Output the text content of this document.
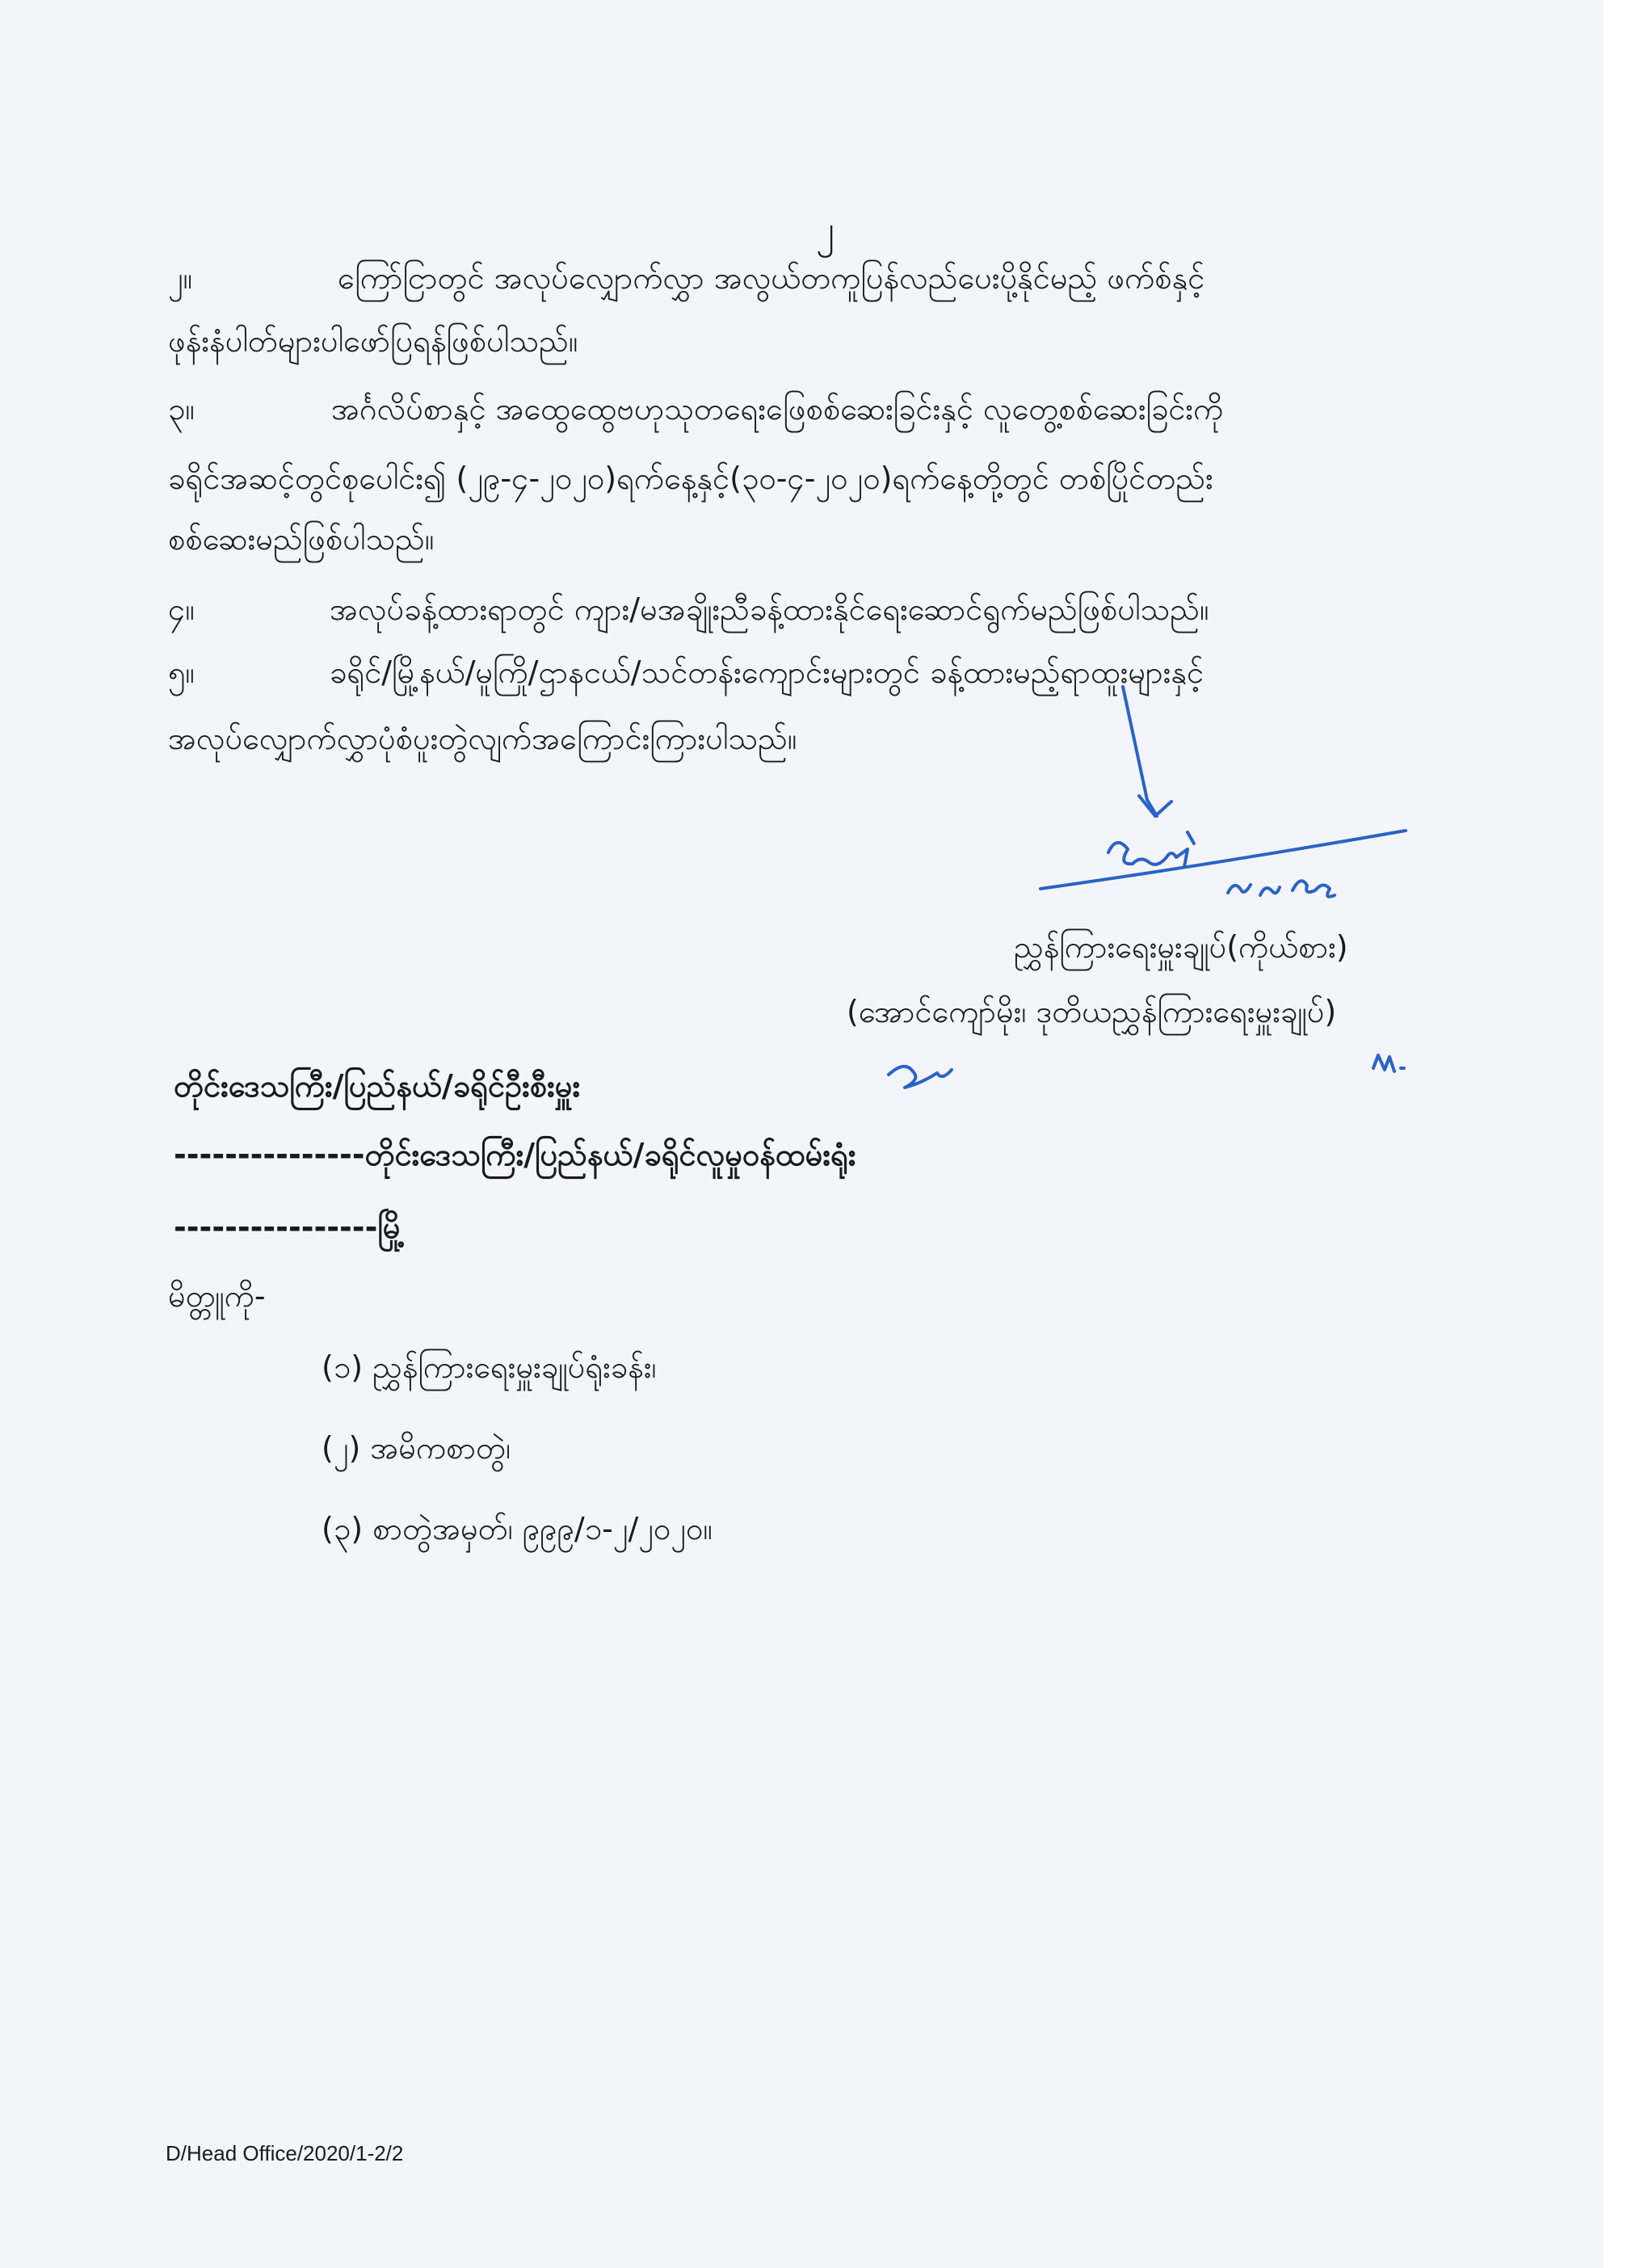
၂
၂။	ကြော်ငြာတွင် အလုပ်လျှောက်လွှာ အလွယ်တကူပြန်လည်ပေးပို့နိုင်မည့် ဖက်စ်နှင့်
ဖုန်းနံပါတ်များပါဖော်ပြရန်ဖြစ်ပါသည်။
၃။	အင်္ဂလိပ်စာနှင့် အထွေထွေဗဟုသုတရေးဖြေစစ်ဆေးခြင်းနှင့် လူတွေ့စစ်ဆေးခြင်းကို
ခရိုင်အဆင့်တွင်စုပေါင်း၍ (၂၉-၄-၂၀၂၀)ရက်နေ့နှင့်(၃၀-၄-၂၀၂၀)ရက်နေ့တို့တွင် တစ်ပြိုင်တည်း
စစ်ဆေးမည်ဖြစ်ပါသည်။
၄။	အလုပ်ခန့်ထားရာတွင် ကျား/မအချိုးညီခန့်ထားနိုင်ရေးဆောင်ရွက်မည်ဖြစ်ပါသည်။
၅။	ခရိုင်/မြို့နယ်/မူကြို/ဌာနငယ်/သင်တန်းကျောင်းများတွင် ခန့်ထားမည့်ရာထူးများနှင့်
အလုပ်လျှောက်လွှာပုံစံပူးတွဲလျက်အကြောင်းကြားပါသည်။
ညွှန်ကြားရေးမှူးချုပ်(ကိုယ်စား)
(အောင်ကျော်မိုး၊ ဒုတိယညွှန်ကြားရေးမှူးချုပ်)
တိုင်းဒေသကြီး/ပြည်နယ်/ခရိုင်ဦးစီးမှူး
---------------တိုင်းဒေသကြီး/ပြည်နယ်/ခရိုင်လူမှုဝန်ထမ်းရုံး
----------------မြို့
မိတ္တူကို-
(၁) ညွှန်ကြားရေးမှူးချုပ်ရုံးခန်း၊
(၂) အမိကစာတွဲ၊
(၃) စာတွဲအမှတ်၊ ၉၉၉/၁-၂/၂၀၂၀။
D/Head Office/2020/1-2/2
